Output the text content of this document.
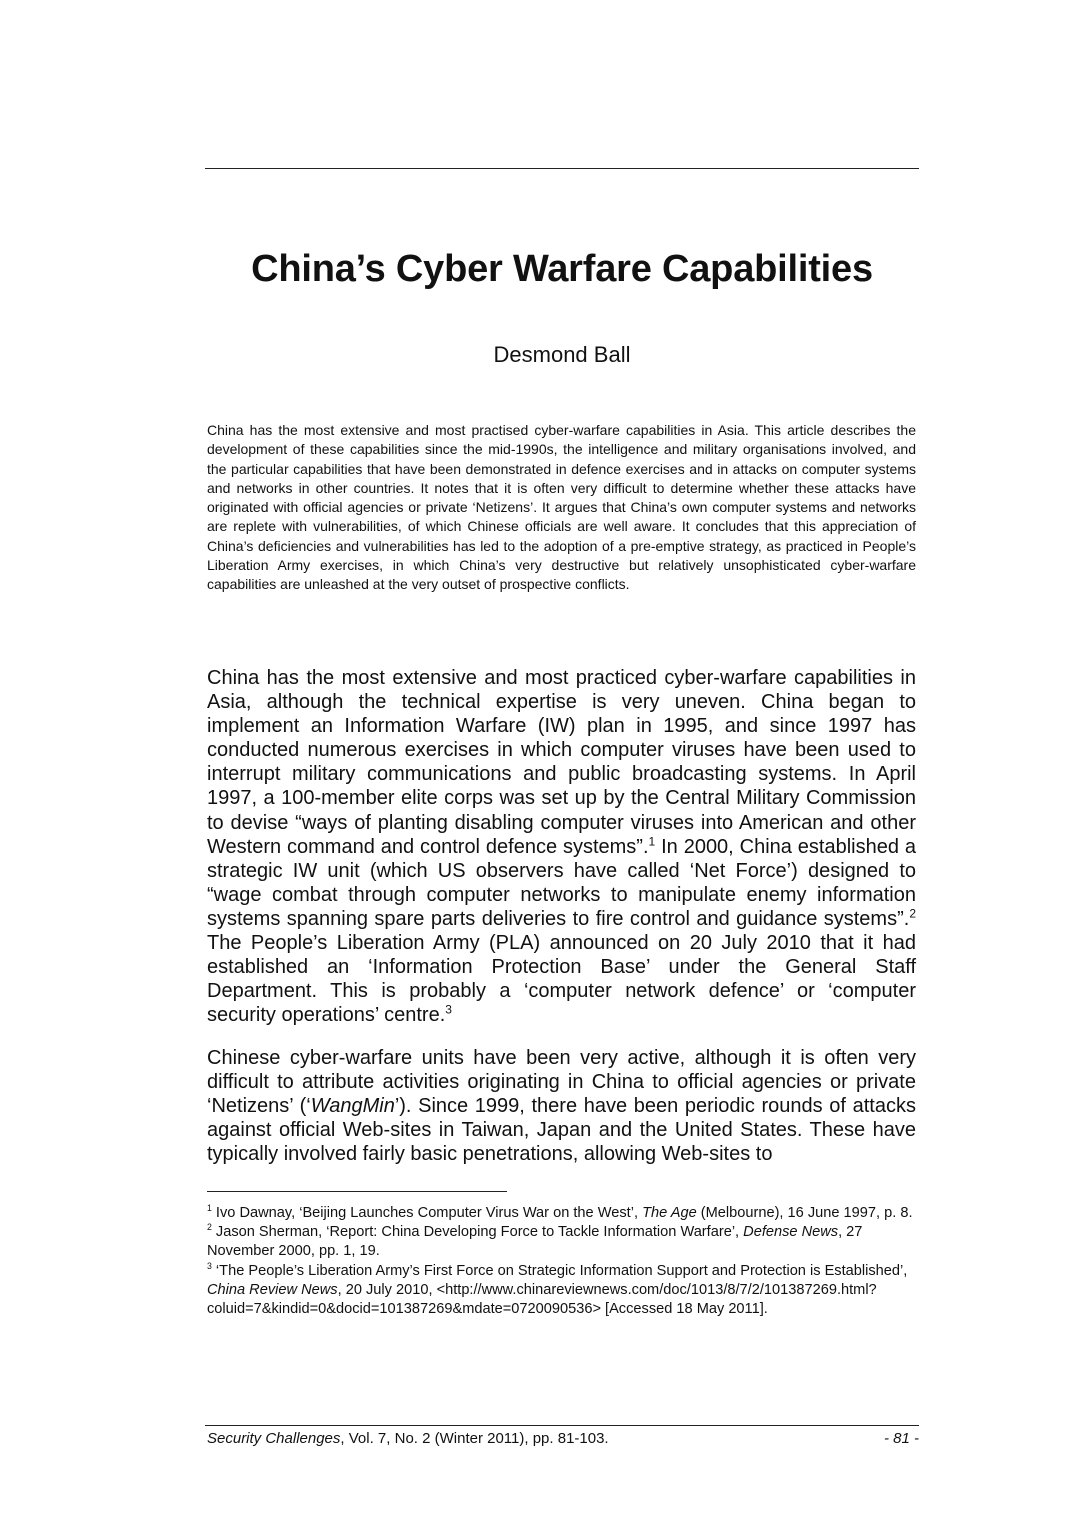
China’s Cyber Warfare Capabilities
Desmond Ball

China has the most extensive and most practised cyber-warfare capabilities in Asia. This article describes the development of these capabilities since the mid-1990s, the intelligence and military organisations involved, and the particular capabilities that have been demonstrated in defence exercises and in attacks on computer systems and networks in other countries. It notes that it is often very difficult to determine whether these attacks have originated with official agencies or private ‘Netizens’. It argues that China’s own computer systems and networks are replete with vulnerabilities, of which Chinese officials are well aware. It concludes that this appreciation of China’s deficiencies and vulnerabilities has led to the adoption of a pre-emptive strategy, as practiced in People’s Liberation Army exercises, in which China’s very destructive but relatively unsophisticated cyber-warfare capabilities are unleashed at the very outset of prospective conflicts.

China has the most extensive and most practiced cyber-warfare capabilities in Asia, although the technical expertise is very uneven. China began to implement an Information Warfare (IW) plan in 1995, and since 1997 has conducted numerous exercises in which computer viruses have been used to interrupt military communications and public broadcasting systems. In April 1997, a 100-member elite corps was set up by the Central Military Commission to devise “ways of planting disabling computer viruses into American and other Western command and control defence systems”.$^1$ In 2000, China established a strategic IW unit (which US observers have called ‘Net Force’) designed to “wage combat through computer networks to manipulate enemy information systems spanning spare parts deliveries to fire control and guidance systems”.$^2$ The People’s Liberation Army (PLA) announced on 20 July 2010 that it had established an ‘Information Protection Base’ under the General Staff Department. This is probably a ‘computer network defence’ or ‘computer security operations’ centre.$^3$

Chinese cyber-warfare units have been very active, although it is often very difficult to attribute activities originating in China to official agencies or private ‘Netizens’ (‘WangMin’). Since 1999, there have been periodic rounds of attacks against official Web-sites in Taiwan, Japan and the United States. These have typically involved fairly basic penetrations, allowing Web-sites to

$^1$ Ivo Dawnay, ‘Beijing Launches Computer Virus War on the West’, The Age (Melbourne), 16 June 1997, p. 8.

$^2$ Jason Sherman, ‘Report: China Developing Force to Tackle Information Warfare’, Defense News, 27 November 2000, pp. 1, 19.

$^3$ ‘The People’s Liberation Army’s First Force on Strategic Information Support and Protection is Established’, China Review News, 20 July 2010, <http://www.chinareviewnews.com/doc/1013/8/7/2/101387269.html?coluid=7&kindid=0&docid=101387269&mdate=0720090536> [Accessed 18 May 2011].

Security Challenges, Vol. 7, No. 2 (Winter 2011), pp. 81-103.	- 81 -
